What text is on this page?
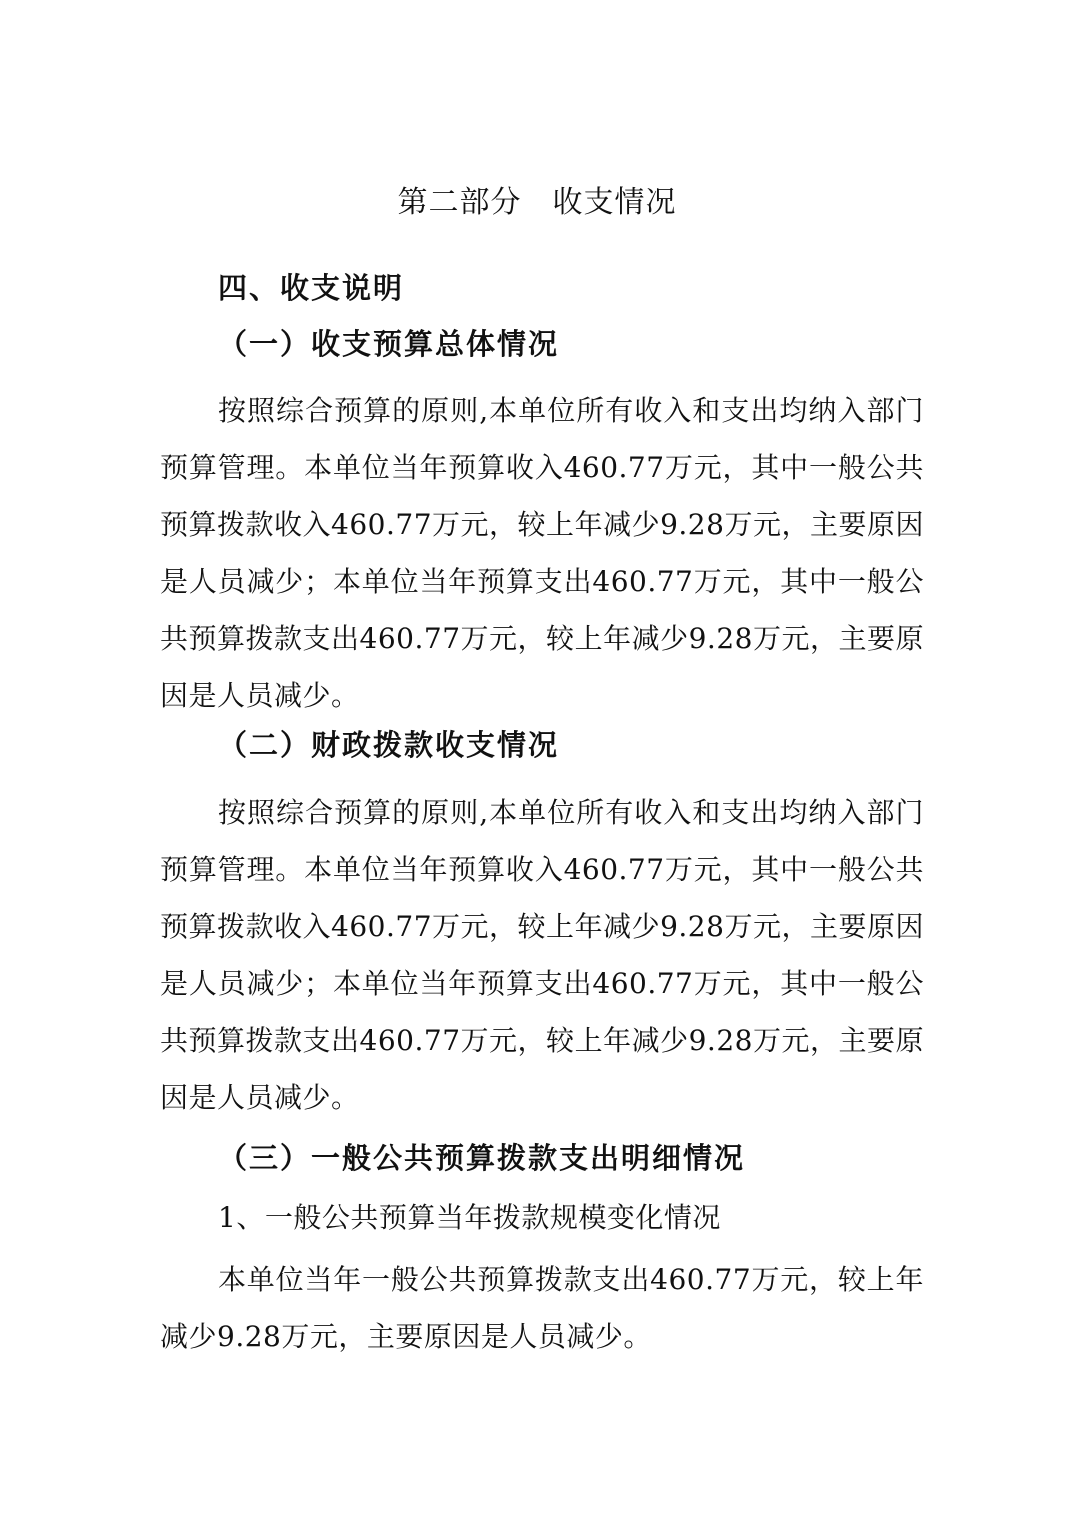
第二部分　收支情况
四、收支说明
（一）收支预算总体情况

按照综合预算的原则,本单位所有收入和支出均纳入部门预算管理。本单位当年预算收入460.77万元，其中一般公共预算拨款收入460.77万元，较上年减少9.28万元，主要原因是人员减少；本单位当年预算支出460.77万元，其中一般公共预算拨款支出460.77万元，较上年减少9.28万元，主要原因是人员减少。

（二）财政拨款收支情况

按照综合预算的原则,本单位所有收入和支出均纳入部门预算管理。本单位当年预算收入460.77万元，其中一般公共预算拨款收入460.77万元，较上年减少9.28万元，主要原因是人员减少；本单位当年预算支出460.77万元，其中一般公共预算拨款支出460.77万元，较上年减少9.28万元，主要原因是人员减少。

（三）一般公共预算拨款支出明细情况
1、一般公共预算当年拨款规模变化情况

本单位当年一般公共预算拨款支出460.77万元，较上年减少9.28万元，主要原因是人员减少。
